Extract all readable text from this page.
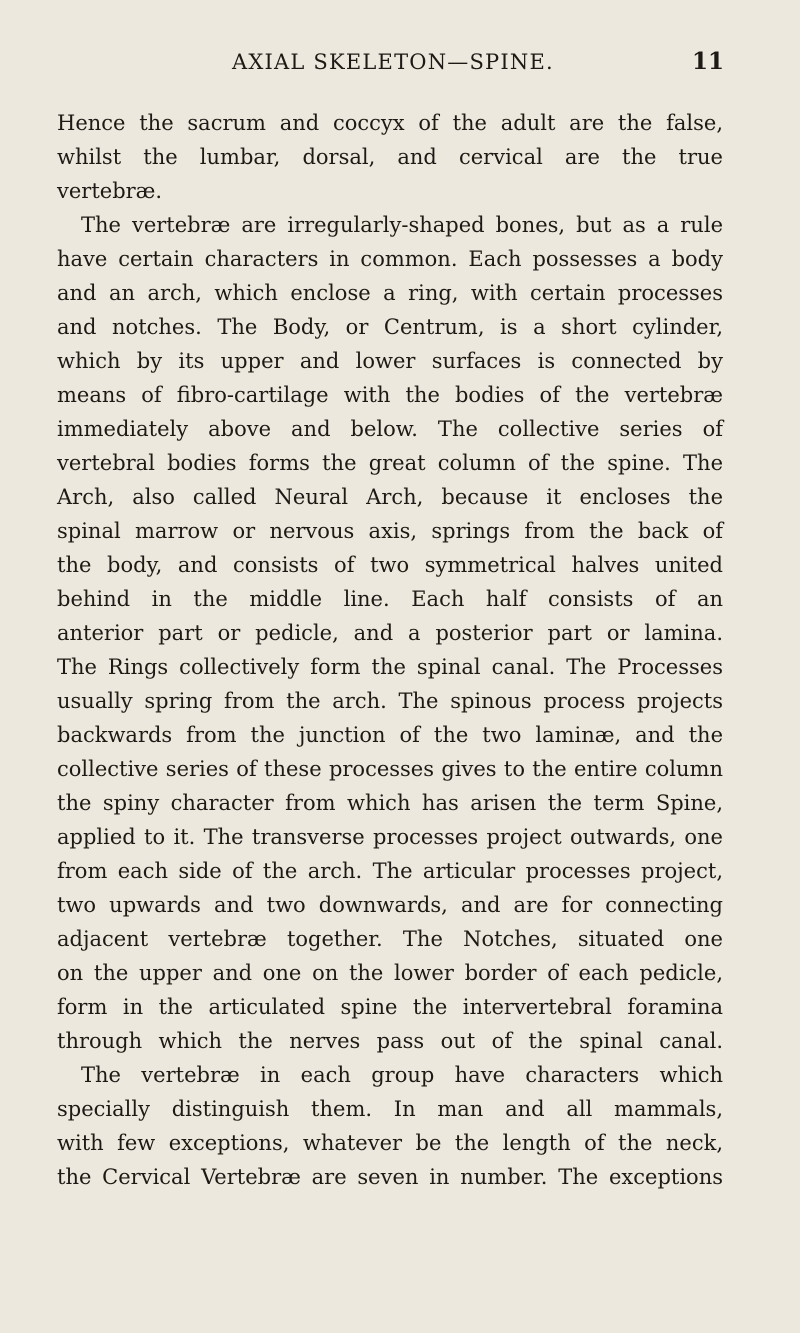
AXIAL SKELETON—SPINE.	11
Hence the sacrum and coccyx of the adult are the false,
whilst the lumbar, dorsal, and cervical are the true
vertebræ.
The vertebræ are irregularly-shaped bones, but as a rule
have certain characters in common. Each possesses a body
and an arch, which enclose a ring, with certain processes
and notches. The Body, or Centrum, is a short cylinder,
which by its upper and lower surfaces is connected by
means of fibro-cartilage with the bodies of the vertebræ
immediately above and below. The collective series of
vertebral bodies forms the great column of the spine. The
Arch, also called Neural Arch, because it encloses the
spinal marrow or nervous axis, springs from the back of
the body, and consists of two symmetrical halves united
behind in the middle line. Each half consists of an
anterior part or pedicle, and a posterior part or lamina.
The Rings collectively form the spinal canal. The Processes
usually spring from the arch. The spinous process projects
backwards from the junction of the two laminæ, and the
collective series of these processes gives to the entire column
the spiny character from which has arisen the term Spine,
applied to it. The transverse processes project outwards, one
from each side of the arch. The articular processes project,
two upwards and two downwards, and are for connecting
adjacent vertebræ together. The Notches, situated one
on the upper and one on the lower border of each pedicle,
form in the articulated spine the intervertebral foramina
through which the nerves pass out of the spinal canal.
The vertebræ in each group have characters which
specially distinguish them. In man and all mammals,
with few exceptions, whatever be the length of the neck,
the Cervical Vertebræ are seven in number. The exceptions
